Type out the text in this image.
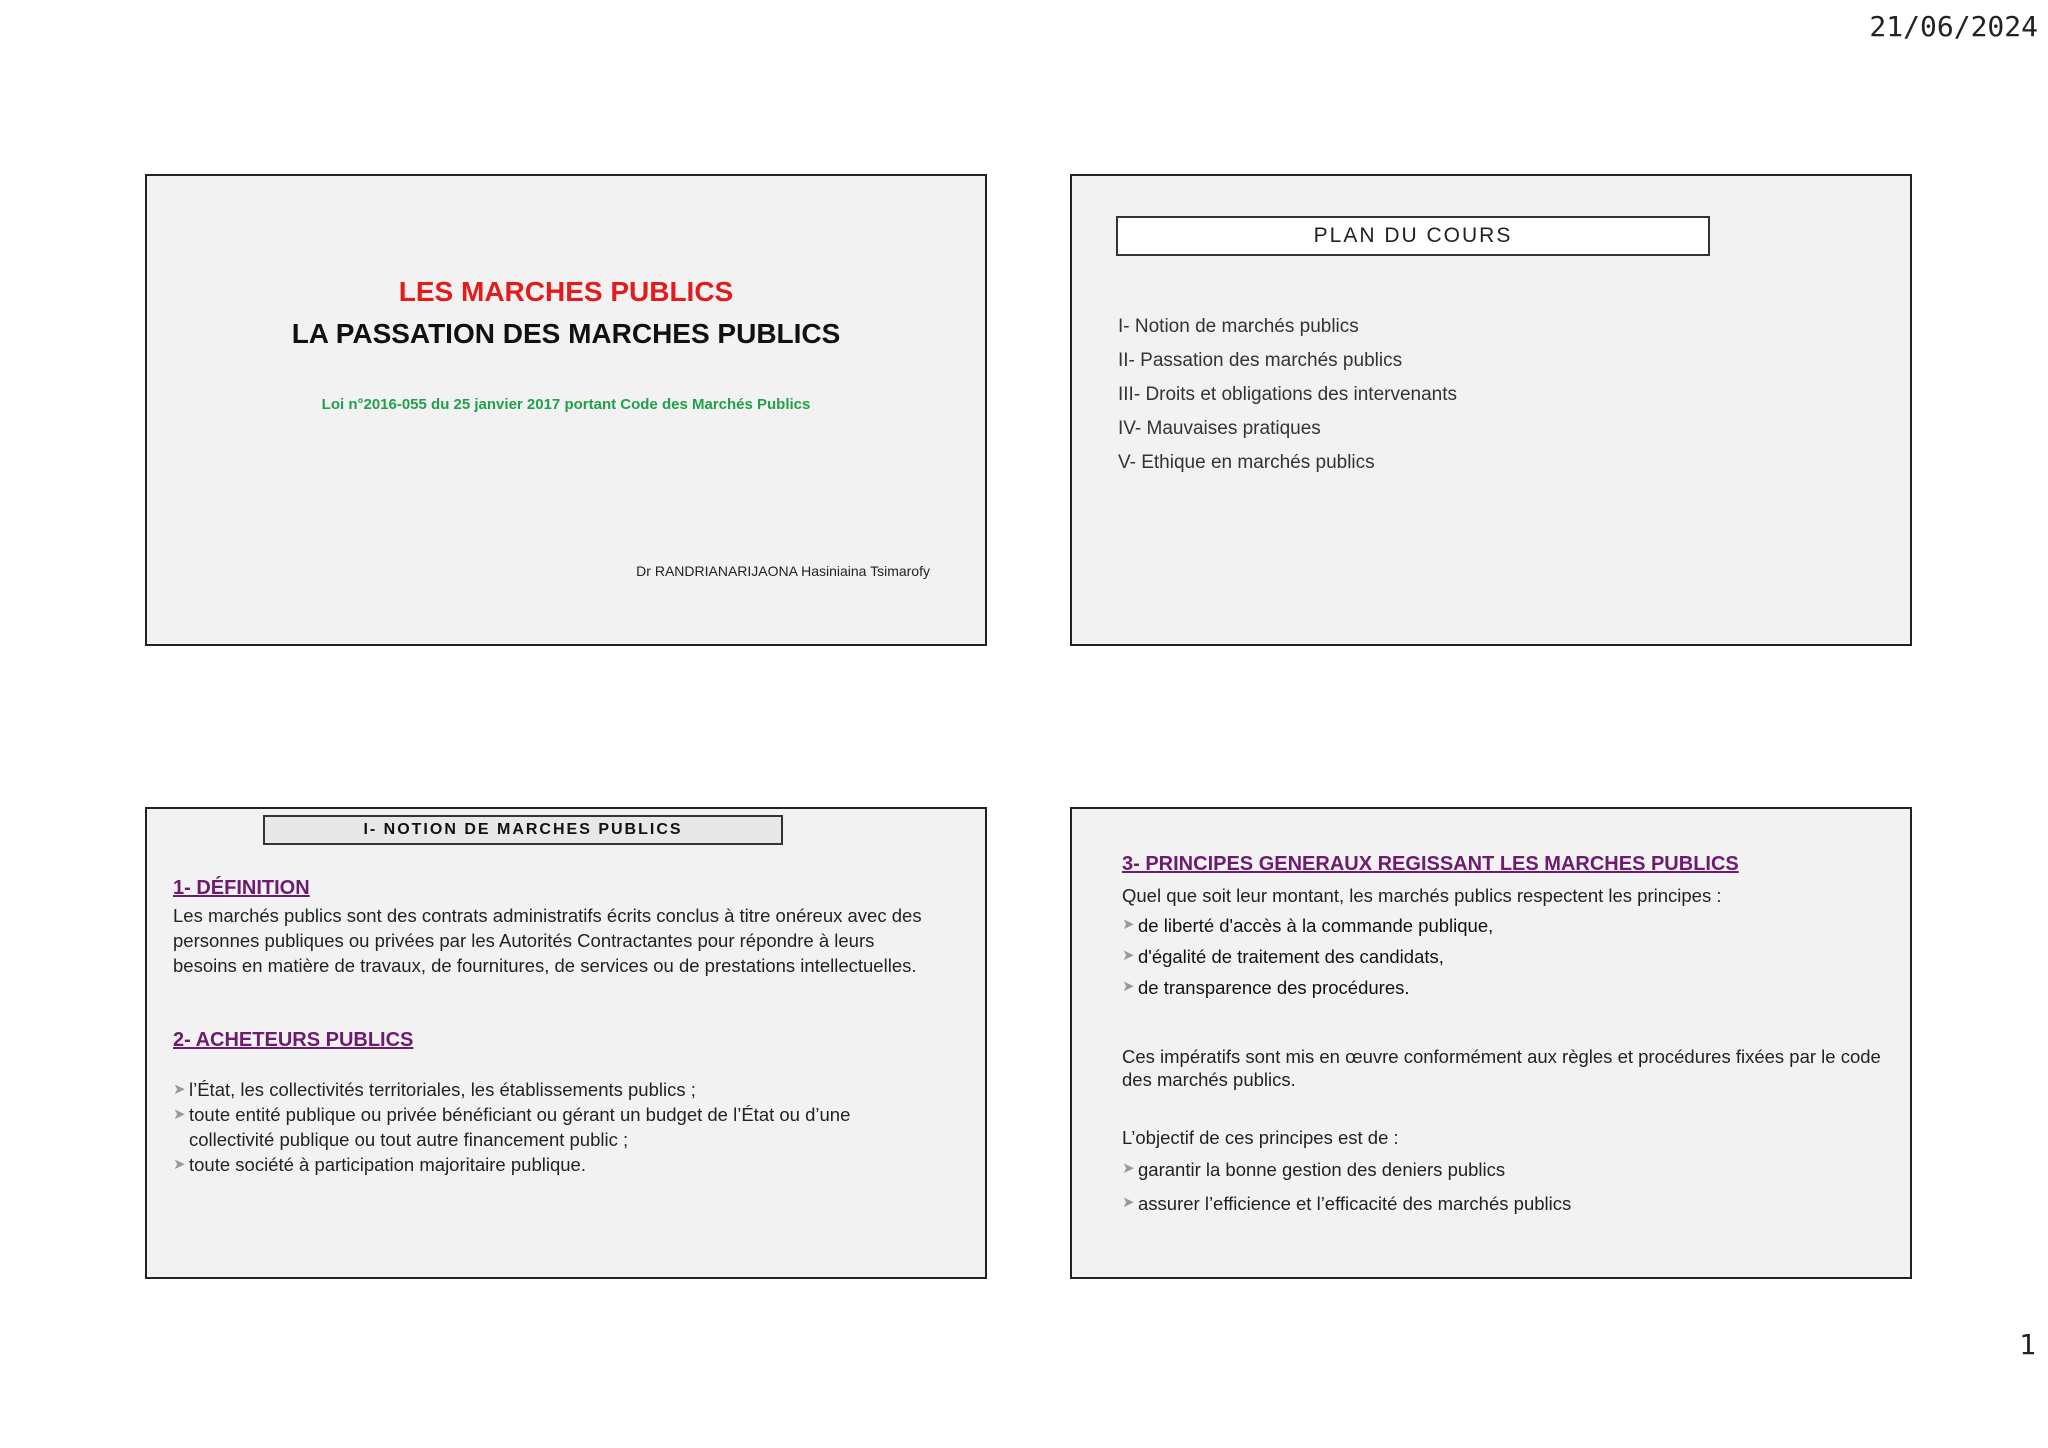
21/06/2024
LES MARCHES PUBLICS
LA PASSATION DES MARCHES PUBLICS
Loi n°2016-055 du 25 janvier 2017 portant Code des Marchés Publics
Dr RANDRIANARIJAONA Hasiniaina Tsimarofy
PLAN DU COURS
I- Notion de marchés publics
II- Passation des marchés publics
III- Droits et obligations des intervenants
IV- Mauvaises pratiques
V- Ethique en marchés publics
I- NOTION DE MARCHES PUBLICS
1- DÉFINITION
Les marchés publics sont des contrats administratifs écrits conclus à titre onéreux avec des personnes publiques ou privées par les Autorités Contractantes pour répondre à leurs besoins en matière de travaux, de fournitures, de services ou de prestations intellectuelles.
2- ACHETEURS PUBLICS
➤ l’État, les collectivités territoriales, les établissements publics ;
➤ toute entité publique ou privée bénéficiant ou gérant un budget de l’État ou d’une collectivité publique ou tout autre financement public ;
➤ toute société à participation majoritaire publique.
3- PRINCIPES GENERAUX REGISSANT LES MARCHES PUBLICS
Quel que soit leur montant, les marchés publics respectent les principes :
➤ de liberté d'accès à la commande publique,
➤ d'égalité de traitement des candidats,
➤ de transparence des procédures.
Ces impératifs sont mis en œuvre conformément aux règles et procédures fixées par le code des marchés publics.
L’objectif de ces principes est de :
➤ garantir la bonne gestion des deniers publics
➤ assurer l’efficience et l’efficacité des marchés publics
1
